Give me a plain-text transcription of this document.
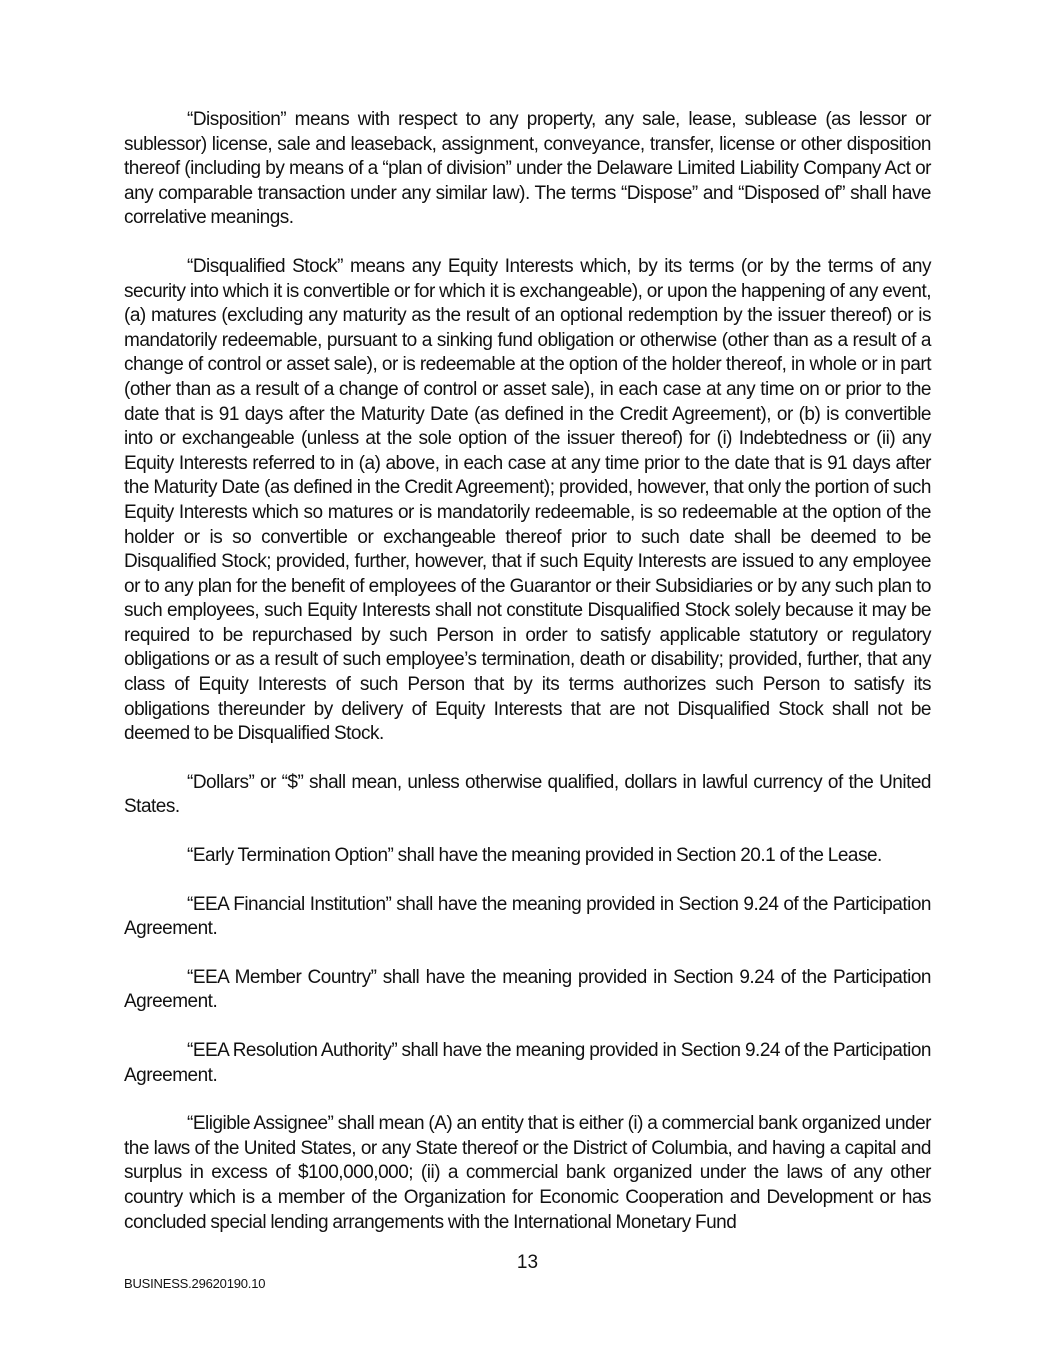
“Disposition” means with respect to any property, any sale, lease, sublease (as lessor or sublessor) license, sale and leaseback, assignment, conveyance, transfer, license or other disposition thereof (including by means of a “plan of division” under the Delaware Limited Liability Company Act or any comparable transaction under any similar law). The terms “Dispose” and “Disposed of” shall have correlative meanings.

“Disqualified Stock” means any Equity Interests which, by its terms (or by the terms of any security into which it is convertible or for which it is exchangeable), or upon the happening of any event, (a) matures (excluding any maturity as the result of an optional redemption by the issuer thereof) or is mandatorily redeemable, pursuant to a sinking fund obligation or otherwise (other than as a result of a change of control or asset sale), or is redeemable at the option of the holder thereof, in whole or in part (other than as a result of a change of control or asset sale), in each case at any time on or prior to the date that is 91 days after the Maturity Date (as defined in the Credit Agreement), or (b) is convertible into or exchangeable (unless at the sole option of the issuer thereof) for (i) Indebtedness or (ii) any Equity Interests referred to in (a) above, in each case at any time prior to the date that is 91 days after the Maturity Date (as defined in the Credit Agreement); provided, however, that only the portion of such Equity Interests which so matures or is mandatorily redeemable, is so redeemable at the option of the holder or is so convertible or exchangeable thereof prior to such date shall be deemed to be Disqualified Stock; provided, further, however, that if such Equity Interests are issued to any employee or to any plan for the benefit of employees of the Guarantor or their Subsidiaries or by any such plan to such employees, such Equity Interests shall not constitute Disqualified Stock solely because it may be required to be repurchased by such Person in order to satisfy applicable statutory or regulatory obligations or as a result of such employee’s termination, death or disability; provided, further, that any class of Equity Interests of such Person that by its terms authorizes such Person to satisfy its obligations thereunder by delivery of Equity Interests that are not Disqualified Stock shall not be deemed to be Disqualified Stock.

“Dollars” or “$” shall mean, unless otherwise qualified, dollars in lawful currency of the United States.

“Early Termination Option” shall have the meaning provided in Section 20.1 of the Lease.

“EEA Financial Institution” shall have the meaning provided in Section 9.24 of the Participation Agreement.

“EEA Member Country” shall have the meaning provided in Section 9.24 of the Participation Agreement.

“EEA Resolution Authority” shall have the meaning provided in Section 9.24 of the Participation Agreement.

“Eligible Assignee” shall mean (A) an entity that is either (i) a commercial bank organized under the laws of the United States, or any State thereof or the District of Columbia, and having a capital and surplus in excess of $100,000,000; (ii) a commercial bank organized under the laws of any other country which is a member of the Organization for Economic Cooperation and Development or has concluded special lending arrangements with the International Monetary Fund

13
BUSINESS.29620190.10
